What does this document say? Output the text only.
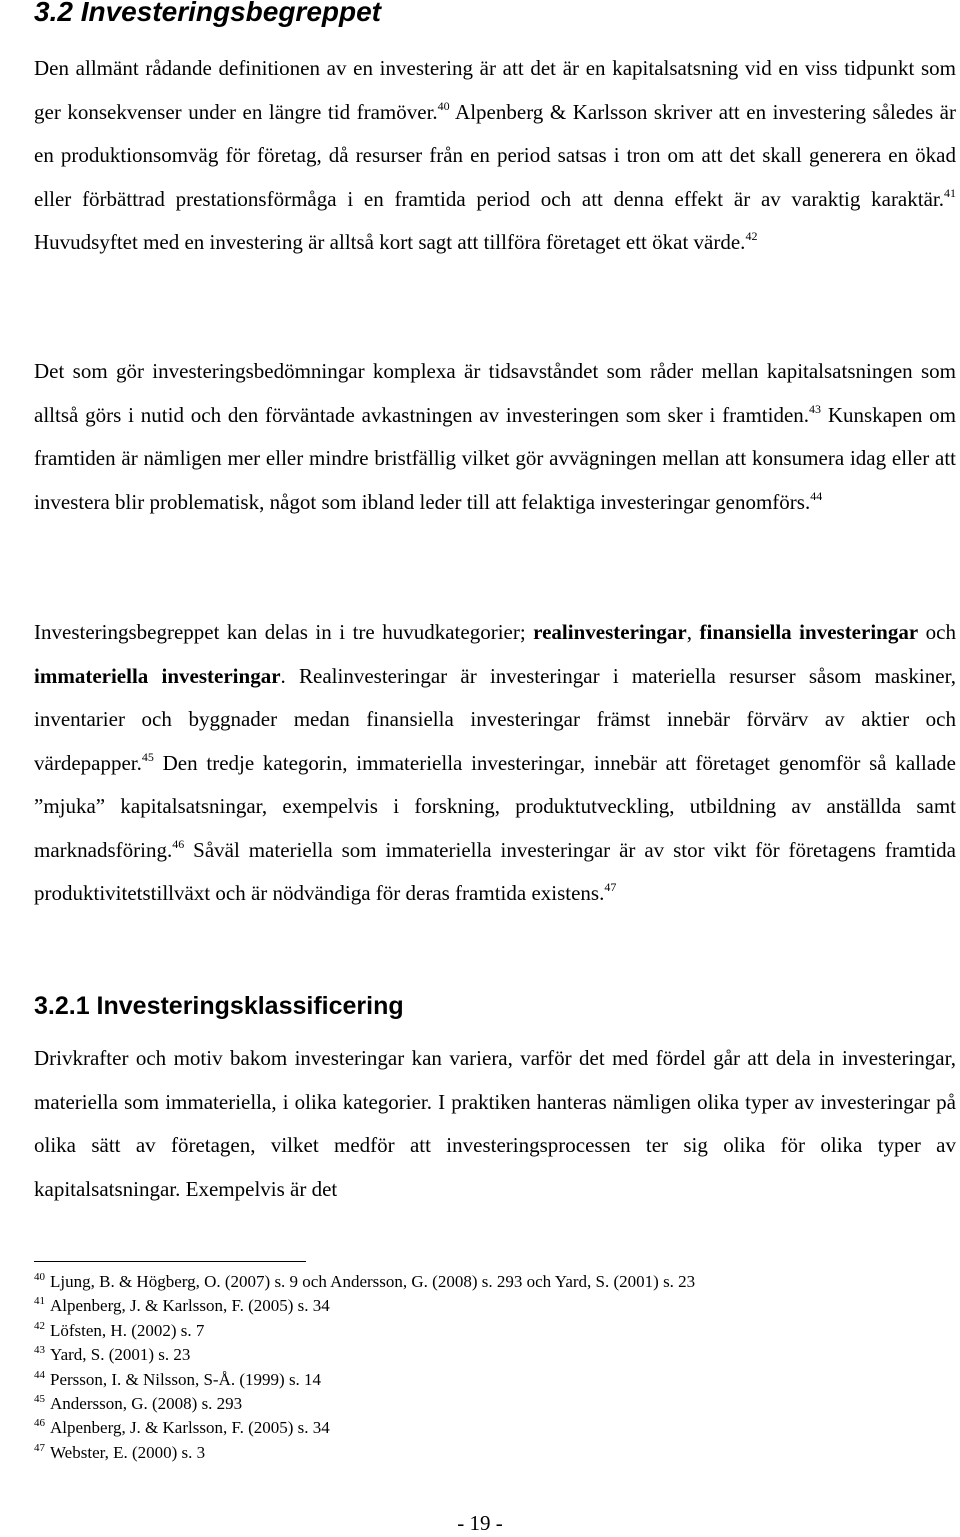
3.2 Investeringsbegreppet

Den allmänt rådande definitionen av en investering är att det är en kapitalsatsning vid en viss tidpunkt som ger konsekvenser under en längre tid framöver.$^{40}$ Alpenberg & Karlsson skriver att en investering således är en produktionsomväg för företag, då resurser från en period satsas i tron om att det skall generera en ökad eller förbättrad prestationsförmåga i en framtida period och att denna effekt är av varaktig karaktär.$^{41}$ Huvudsyftet med en investering är alltså kort sagt att tillföra företaget ett ökat värde.$^{42}$

Det som gör investeringsbedömningar komplexa är tidsavståndet som råder mellan kapitalsatsningen som alltså görs i nutid och den förväntade avkastningen av investeringen som sker i framtiden.$^{43}$ Kunskapen om framtiden är nämligen mer eller mindre bristfällig vilket gör avvägningen mellan att konsumera idag eller att investera blir problematisk, något som ibland leder till att felaktiga investeringar genomförs.$^{44}$

Investeringsbegreppet kan delas in i tre huvudkategorier; realinvesteringar, finansiella investeringar och immateriella investeringar. Realinvesteringar är investeringar i materiella resurser såsom maskiner, inventarier och byggnader medan finansiella investeringar främst innebär förvärv av aktier och värdepapper.$^{45}$ Den tredje kategorin, immateriella investeringar, innebär att företaget genomför så kallade ”mjuka” kapitalsatsningar, exempelvis i forskning, produktutveckling, utbildning av anställda samt marknadsföring.$^{46}$ Såväl materiella som immateriella investeringar är av stor vikt för företagens framtida produktivitetstillväxt och är nödvändiga för deras framtida existens.$^{47}$

3.2.1 Investeringsklassificering

Drivkrafter och motiv bakom investeringar kan variera, varför det med fördel går att dela in investeringar, materiella som immateriella, i olika kategorier. I praktiken hanteras nämligen olika typer av investeringar på olika sätt av företagen, vilket medför att investeringsprocessen ter sig olika för olika typer av kapitalsatsningar. Exempelvis är det

$^{40}$ Ljung, B. & Högberg, O. (2007) s. 9 och Andersson, G. (2008) s. 293 och Yard, S. (2001) s. 23
$^{41}$ Alpenberg, J. & Karlsson, F. (2005) s. 34
$^{42}$ Löfsten, H. (2002) s. 7
$^{43}$ Yard, S. (2001) s. 23
$^{44}$ Persson, I. & Nilsson, S-Å. (1999) s. 14
$^{45}$ Andersson, G. (2008) s. 293
$^{46}$ Alpenberg, J. & Karlsson, F. (2005) s. 34
$^{47}$ Webster, E. (2000) s. 3
- 19 -
